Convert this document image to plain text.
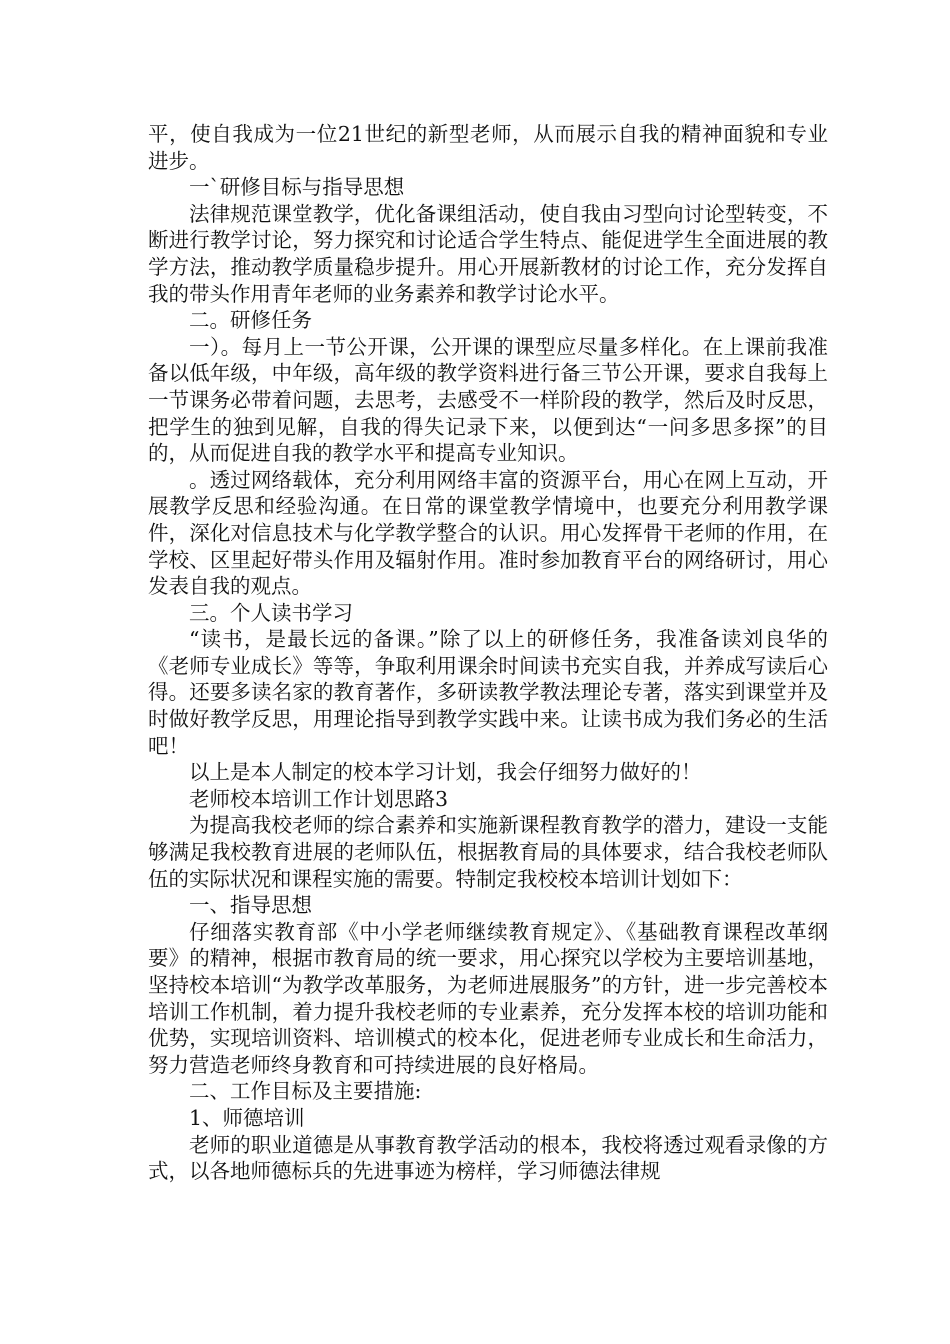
平，使自我成为一位21世纪的新型老师，从而展示自我的精神面貌和专业进步。

一`研修目标与指导思想

法律规范课堂教学，优化备课组活动，使自我由习型向讨论型转变，不断进行教学讨论，努力探究和讨论适合学生特点、能促进学生全面进展的教学方法，推动教学质量稳步提升。用心开展新教材的讨论工作，充分发挥自我的带头作用青年老师的业务素养和教学讨论水平。

二。研修任务

一）。每月上一节公开课，公开课的课型应尽量多样化。在上课前我准备以低年级，中年级，高年级的教学资料进行备三节公开课，要求自我每上一节课务必带着问题，去思考，去感受不一样阶段的教学，然后及时反思，把学生的独到见解，自我的得失记录下来，以便到达“一问多思多探”的目的，从而促进自我的教学水平和提高专业知识。

。透过网络载体，充分利用网络丰富的资源平台，用心在网上互动，开展教学反思和经验沟通。在日常的课堂教学情境中，也要充分利用教学课件，深化对信息技术与化学教学整合的认识。用心发挥骨干老师的作用，在学校、区里起好带头作用及辐射作用。准时参加教育平台的网络研讨，用心发表自我的观点。

三。个人读书学习

“读书，是最长远的备课。”除了以上的研修任务，我准备读刘良华的《老师专业成长》等等，争取利用课余时间读书充实自我，并养成写读后心得。还要多读名家的教育著作，多研读教学教法理论专著，落实到课堂并及时做好教学反思，用理论指导到教学实践中来。让读书成为我们务必的生活吧！

以上是本人制定的校本学习计划，我会仔细努力做好的！

老师校本培训工作计划思路3

为提高我校老师的综合素养和实施新课程教育教学的潜力，建设一支能够满足我校教育进展的老师队伍，根据教育局的具体要求，结合我校老师队伍的实际状况和课程实施的需要。特制定我校校本培训计划如下：

一、指导思想

仔细落实教育部《中小学老师继续教育规定》、《基础教育课程改革纲要》的精神，根据市教育局的统一要求，用心探究以学校为主要培训基地，坚持校本培训“为教学改革服务，为老师进展服务”的方针，进一步完善校本培训工作机制，着力提升我校老师的专业素养，充分发挥本校的培训功能和优势，实现培训资料、培训模式的校本化，促进老师专业成长和生命活力，努力营造老师终身教育和可持续进展的良好格局。

二、工作目标及主要措施:

1、师德培训

老师的职业道德是从事教育教学活动的根本，我校将透过观看录像的方式，以各地师德标兵的先进事迹为榜样，学习师德法律规
